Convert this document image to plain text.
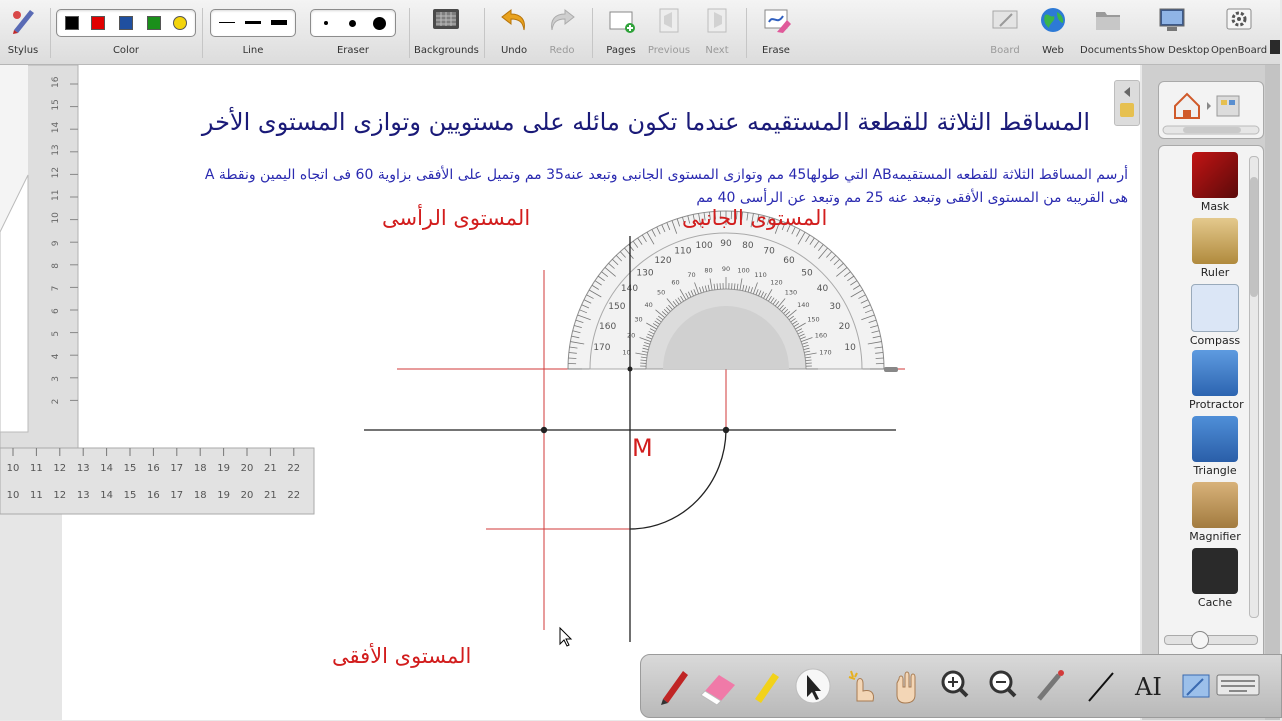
Stylus	Color	Line	Eraser	Backgrounds	Undo	Redo	Pages	Previous	Next	Erase	Board	Web	Documents Show Desktop OpenBoard
16
15
14
13
12
11
10
9
8
7
6
5
4
3
2
10
10
11
11
12
12
13
13
14
14
15
15
16
16
17
17
18
18
19
19
20
20
21
21
22
22
10
20
30
40
50
60
70
80
90
100
110
120
130
140
150
160
170	170
160
150
140
130
120
110
100
90
80
70
60
50
40
30
20
10
المساقط الثلاثة للقطعة المستقيمه عندما تكون مائله على مستويين وتوازى المستوى الأخر
أرسم المساقط الثلاثة للقطعه المستقيمهAB التي طولها45 مم وتوازى المستوى الجانبى وتبعد عنه35 مم وتميل على الأفقى بزاوية 60 فى اتجاه اليمين ونقطة A
هى القريبه من المستوى الأفقى وتبعد عنه 25 مم وتبعد عن الرأسى 40 مم
المستوى الرأسى	المستوى الجانبى
المستوى الأفقى
M
Mask
Ruler
Compass
Protractor
Triangle
Magnifier
Cache
AI
